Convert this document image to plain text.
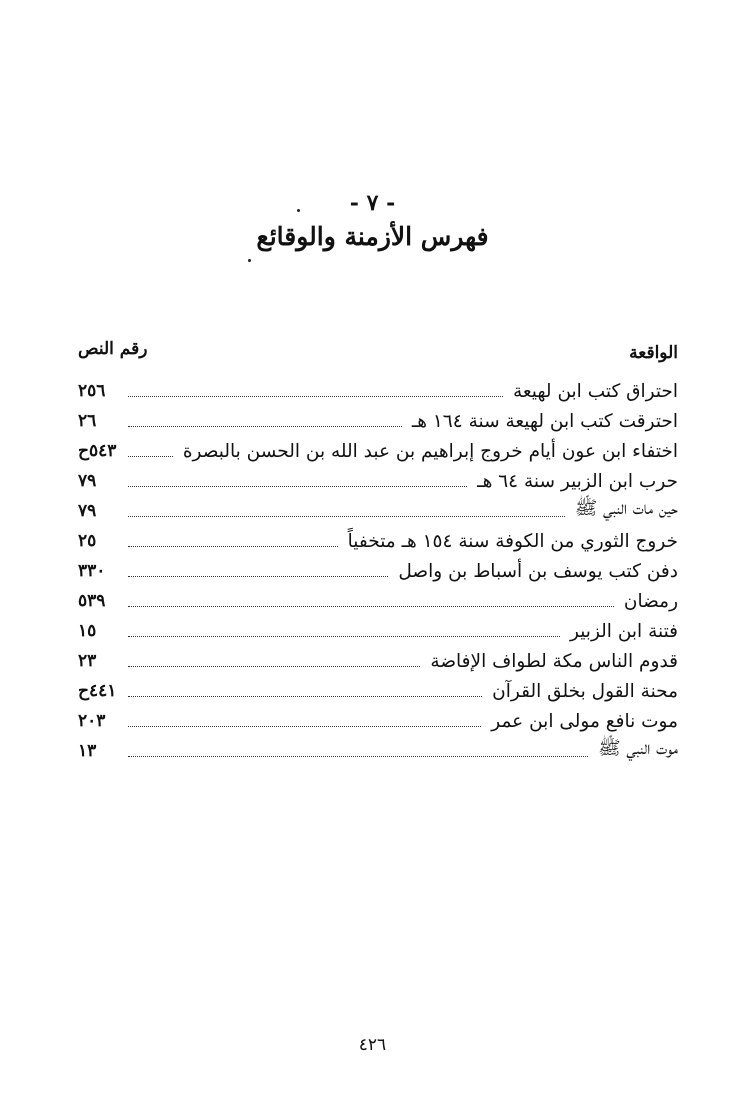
- ٧ -
فهرس الأزمنة والوقائع
الواقعة
رقم النص
احتراق كتب ابن لهيعة
٢٥٦
احترقت كتب ابن لهيعة سنة ١٦٤ هـ
٢٦
اختفاء ابن عون أيام خروج إبراهيم بن عبد الله بن الحسن بالبصرة
٥٤٣ح
حرب ابن الزبير سنة ٦٤ هـ
٧٩
حين مات النبي ﷺ
٧٩
خروج الثوري من الكوفة سنة ١٥٤ هـ متخفياً
٢٥
دفن كتب يوسف بن أسباط بن واصل
٣٣٠
رمضان
٥٣٩
فتنة ابن الزبير
١٥
قدوم الناس مكة لطواف الإفاضة
٢٣
محنة القول بخلق القرآن
٤٤١ح
موت نافع مولى ابن عمر
٢٠٣
موت النبي ﷺ
١٣
٤٢٦
